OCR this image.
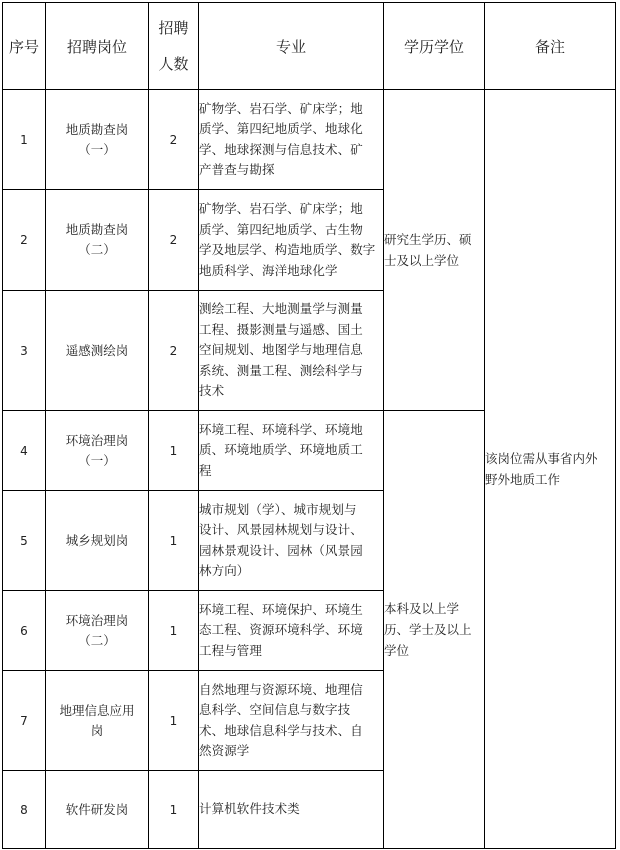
序号	招聘岗位	招聘
人数	专业	学历学位	备注
1	地质勘查岗
（一）	2	矿物学、岩石学、矿床学；地
质学、第四纪地质学、地球化
学、地球探测与信息技术、矿
产普查与勘探	研究生学历、硕
士及以上学位	该岗位需从事省内外
野外地质工作

2	地质勘查岗
（二）	2	矿物学、岩石学、矿床学；地
质学、第四纪地质学、古生物
学及地层学、构造地质学、数字
地质科学、海洋地球化学		

3	遥感测绘岗	2	测绘工程、大地测量学与测量
工程、摄影测量与遥感、国土
空间规划、地图学与地理信息
系统、测量工程、测绘科学与
技术		

4	环境治理岗
（一）	1	环境工程、环境科学、环境地
质、环境地质学、环境地质工
程	本科及以上学
历、学士及以上
学位	

5	城乡规划岗	1	城市规划（学）、城市规划与
设计、风景园林规划与设计、
园林景观设计、园林（风景园
林方向）		

6	环境治理岗
（二）	1	环境工程、环境保护、环境生
态工程、资源环境科学、环境
工程与管理		

7	地理信息应用
岗	1	自然地理与资源环境、地理信
息科学、空间信息与数字技
术、地球信息科学与技术、自
然资源学		

8	软件研发岗	1	计算机软件技术类		
